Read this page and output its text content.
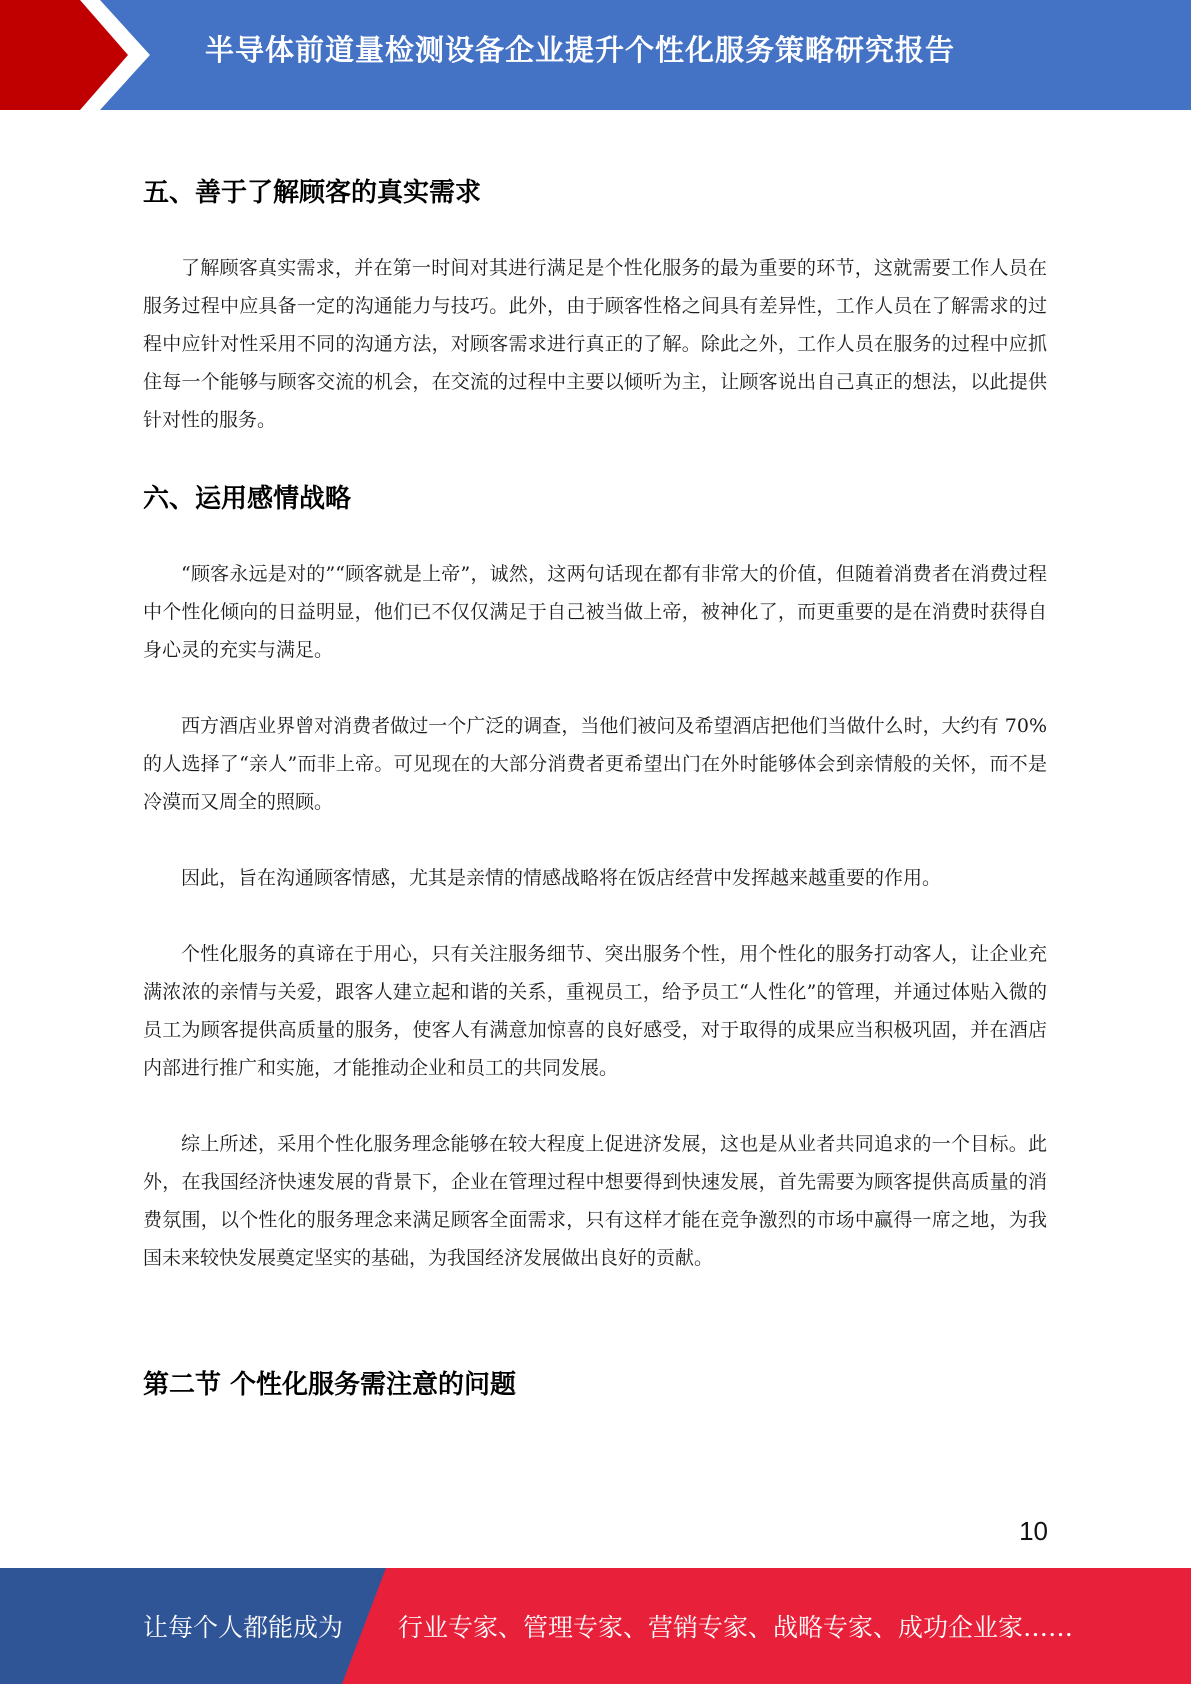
半导体前道量检测设备企业提升个性化服务策略研究报告
五、善于了解顾客的真实需求
了解顾客真实需求，并在第一时间对其进行满足是个性化服务的最为重要的环节，这就需要工作人员在服务过程中应具备一定的沟通能力与技巧。此外，由于顾客性格之间具有差异性，工作人员在了解需求的过程中应针对性采用不同的沟通方法，对顾客需求进行真正的了解。除此之外，工作人员在服务的过程中应抓住每一个能够与顾客交流的机会，在交流的过程中主要以倾听为主，让顾客说出自己真正的想法，以此提供针对性的服务。
六、运用感情战略
“顾客永远是对的”“顾客就是上帝”，诚然，这两句话现在都有非常大的价值，但随着消费者在消费过程中个性化倾向的日益明显，他们已不仅仅满足于自己被当做上帝，被神化了，而更重要的是在消费时获得自身心灵的充实与满足。
西方酒店业界曾对消费者做过一个广泛的调查，当他们被问及希望酒店把他们当做什么时，大约有 70%的人选择了“亲人”而非上帝。可见现在的大部分消费者更希望出门在外时能够体会到亲情般的关怀，而不是冷漠而又周全的照顾。
因此，旨在沟通顾客情感，尤其是亲情的情感战略将在饭店经营中发挥越来越重要的作用。
个性化服务的真谛在于用心，只有关注服务细节、突出服务个性，用个性化的服务打动客人，让企业充满浓浓的亲情与关爱，跟客人建立起和谐的关系，重视员工，给予员工“人性化”的管理，并通过体贴入微的员工为顾客提供高质量的服务，使客人有满意加惊喜的良好感受，对于取得的成果应当积极巩固，并在酒店内部进行推广和实施，才能推动企业和员工的共同发展。
综上所述，采用个性化服务理念能够在较大程度上促进济发展，这也是从业者共同追求的一个目标。此外，在我国经济快速发展的背景下，企业在管理过程中想要得到快速发展，首先需要为顾客提供高质量的消费氛围，以个性化的服务理念来满足顾客全面需求，只有这样才能在竞争激烈的市场中赢得一席之地，为我国未来较快发展奠定坚实的基础，为我国经济发展做出良好的贡献。
第二节 个性化服务需注意的问题
10
让每个人都能成为 行业专家、管理专家、营销专家、战略专家、成功企业家……
